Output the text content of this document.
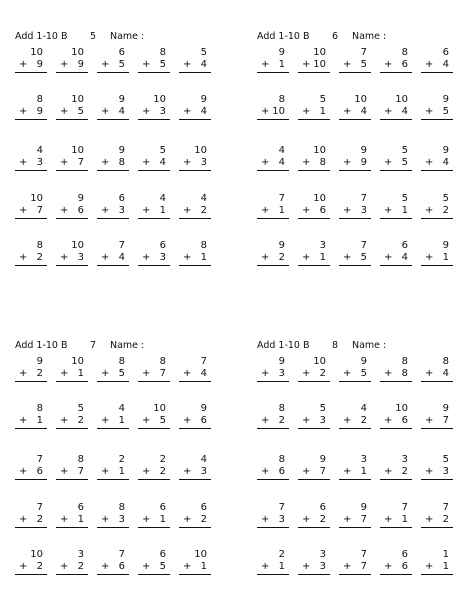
Add 1-10 B 5 Name :
10
+ 9
10
+ 9
6
+ 5
8
+ 5
5
+ 4
8
+ 9
10
+ 5
9
+ 4
10
+ 3
9
+ 4
4
+ 3
10
+ 7
9
+ 8
5
+ 4
10
+ 3
10
+ 7
9
+ 6
6
+ 3
4
+ 1
4
+ 2
8
+ 2
10
+ 3
7
+ 4
6
+ 3
8
+ 1
Add 1-10 B 6 Name :
9
+ 1
10
+ 10
7
+ 5
8
+ 6
6
+ 4
8
+ 10
5
+ 1
10
+ 4
10
+ 4
9
+ 5
4
+ 4
10
+ 8
9
+ 9
5
+ 5
9
+ 4
7
+ 1
10
+ 6
7
+ 3
5
+ 1
5
+ 2
9
+ 2
3
+ 1
7
+ 5
6
+ 4
9
+ 1
Add 1-10 B 7 Name :
9
+ 2
10
+ 1
8
+ 5
8
+ 7
7
+ 4
8
+ 1
5
+ 2
4
+ 1
10
+ 5
9
+ 6
7
+ 6
8
+ 7
2
+ 1
2
+ 2
4
+ 3
7
+ 2
6
+ 1
8
+ 3
6
+ 1
6
+ 2
10
+ 2
3
+ 2
7
+ 6
6
+ 5
10
+ 1
Add 1-10 B 8 Name :
9
+ 3
10
+ 2
9
+ 5
8
+ 8
8
+ 4
8
+ 2
5
+ 3
4
+ 2
10
+ 6
9
+ 7
8
+ 6
9
+ 7
3
+ 1
3
+ 2
5
+ 3
7
+ 3
6
+ 2
9
+ 7
7
+ 1
7
+ 2
2
+ 1
3
+ 3
7
+ 7
6
+ 6
1
+ 1
